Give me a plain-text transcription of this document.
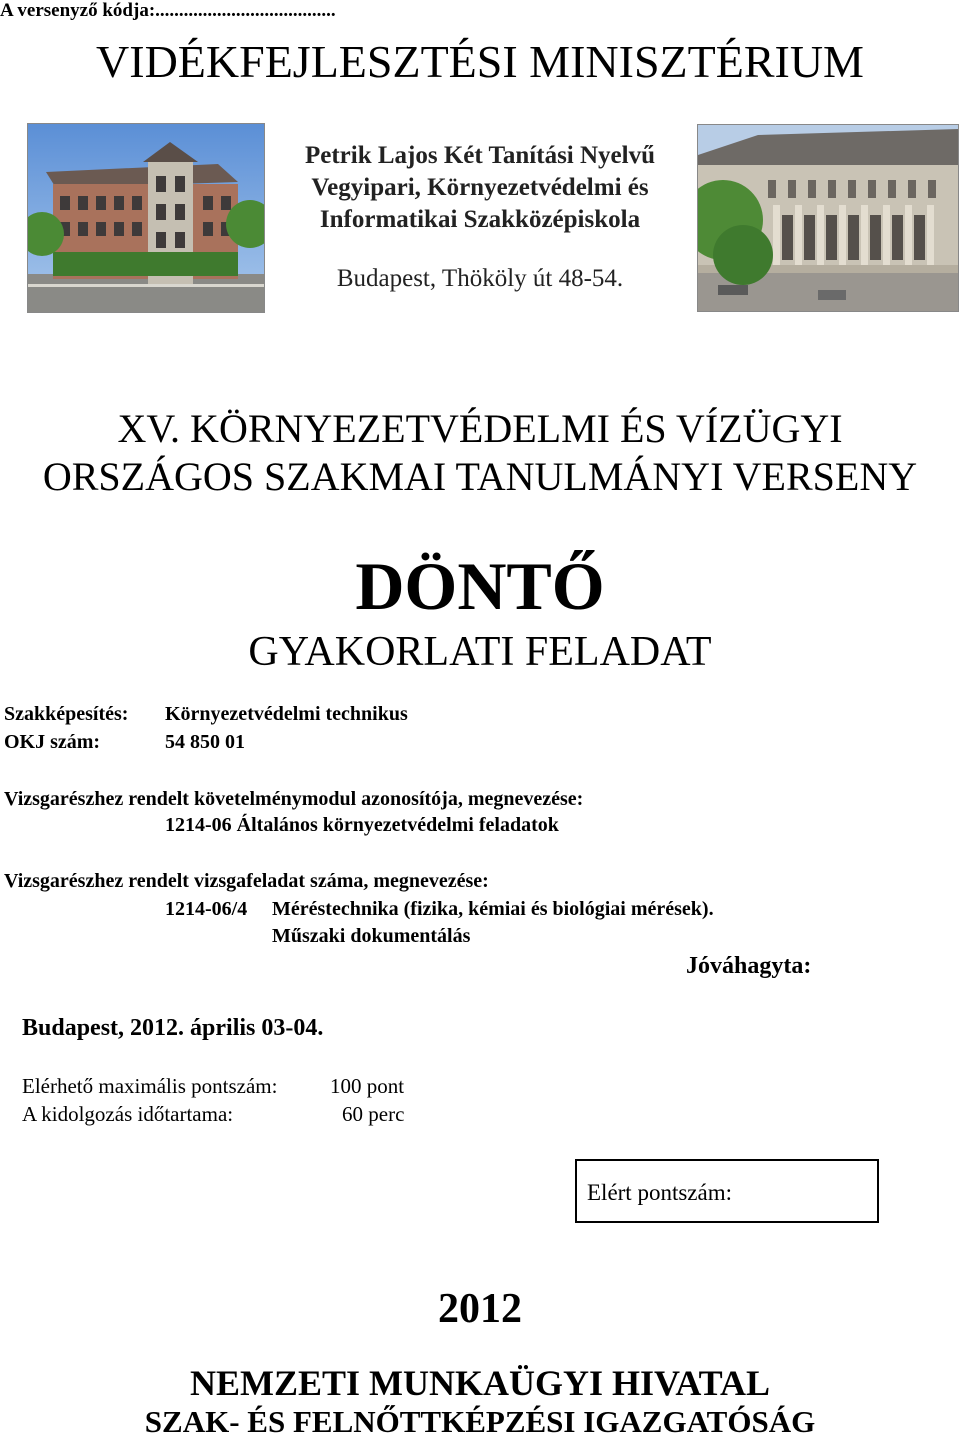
A versenyző kódja:......................................
VIDÉKFEJLESZTÉSI MINISZTÉRIUM
Petrik Lajos Két Tanítási Nyelvű
Vegyipari, Környezetvédelmi és
Informatikai Szakközépiskola
Budapest, Thököly út 48-54.
XV. KÖRNYEZETVÉDELMI ÉS VÍZÜGYI
ORSZÁGOS SZAKMAI TANULMÁNYI VERSENY
DÖNTŐ
GYAKORLATI FELADAT
Szakképesítés: Környezetvédelmi technikus
OKJ szám:	54 850 01
Vizsgarészhez rendelt követelménymodul azonosítója, megnevezése:
1214-06 Általános környezetvédelmi feladatok
Vizsgarészhez rendelt vizsgafeladat száma, megnevezése:
1214-06/4 Méréstechnika (fizika, kémiai és biológiai mérések).
Műszaki dokumentálás
Jóváhagyta:
Budapest, 2012. április 03-04.
Elérhető maximális pontszám:	100 pont
A kidolgozás időtartama:	60 perc
Elért pontszám:
2012
NEMZETI MUNKAÜGYI HIVATAL
SZAK- ÉS FELNŐTTKÉPZÉSI IGAZGATÓSÁG
